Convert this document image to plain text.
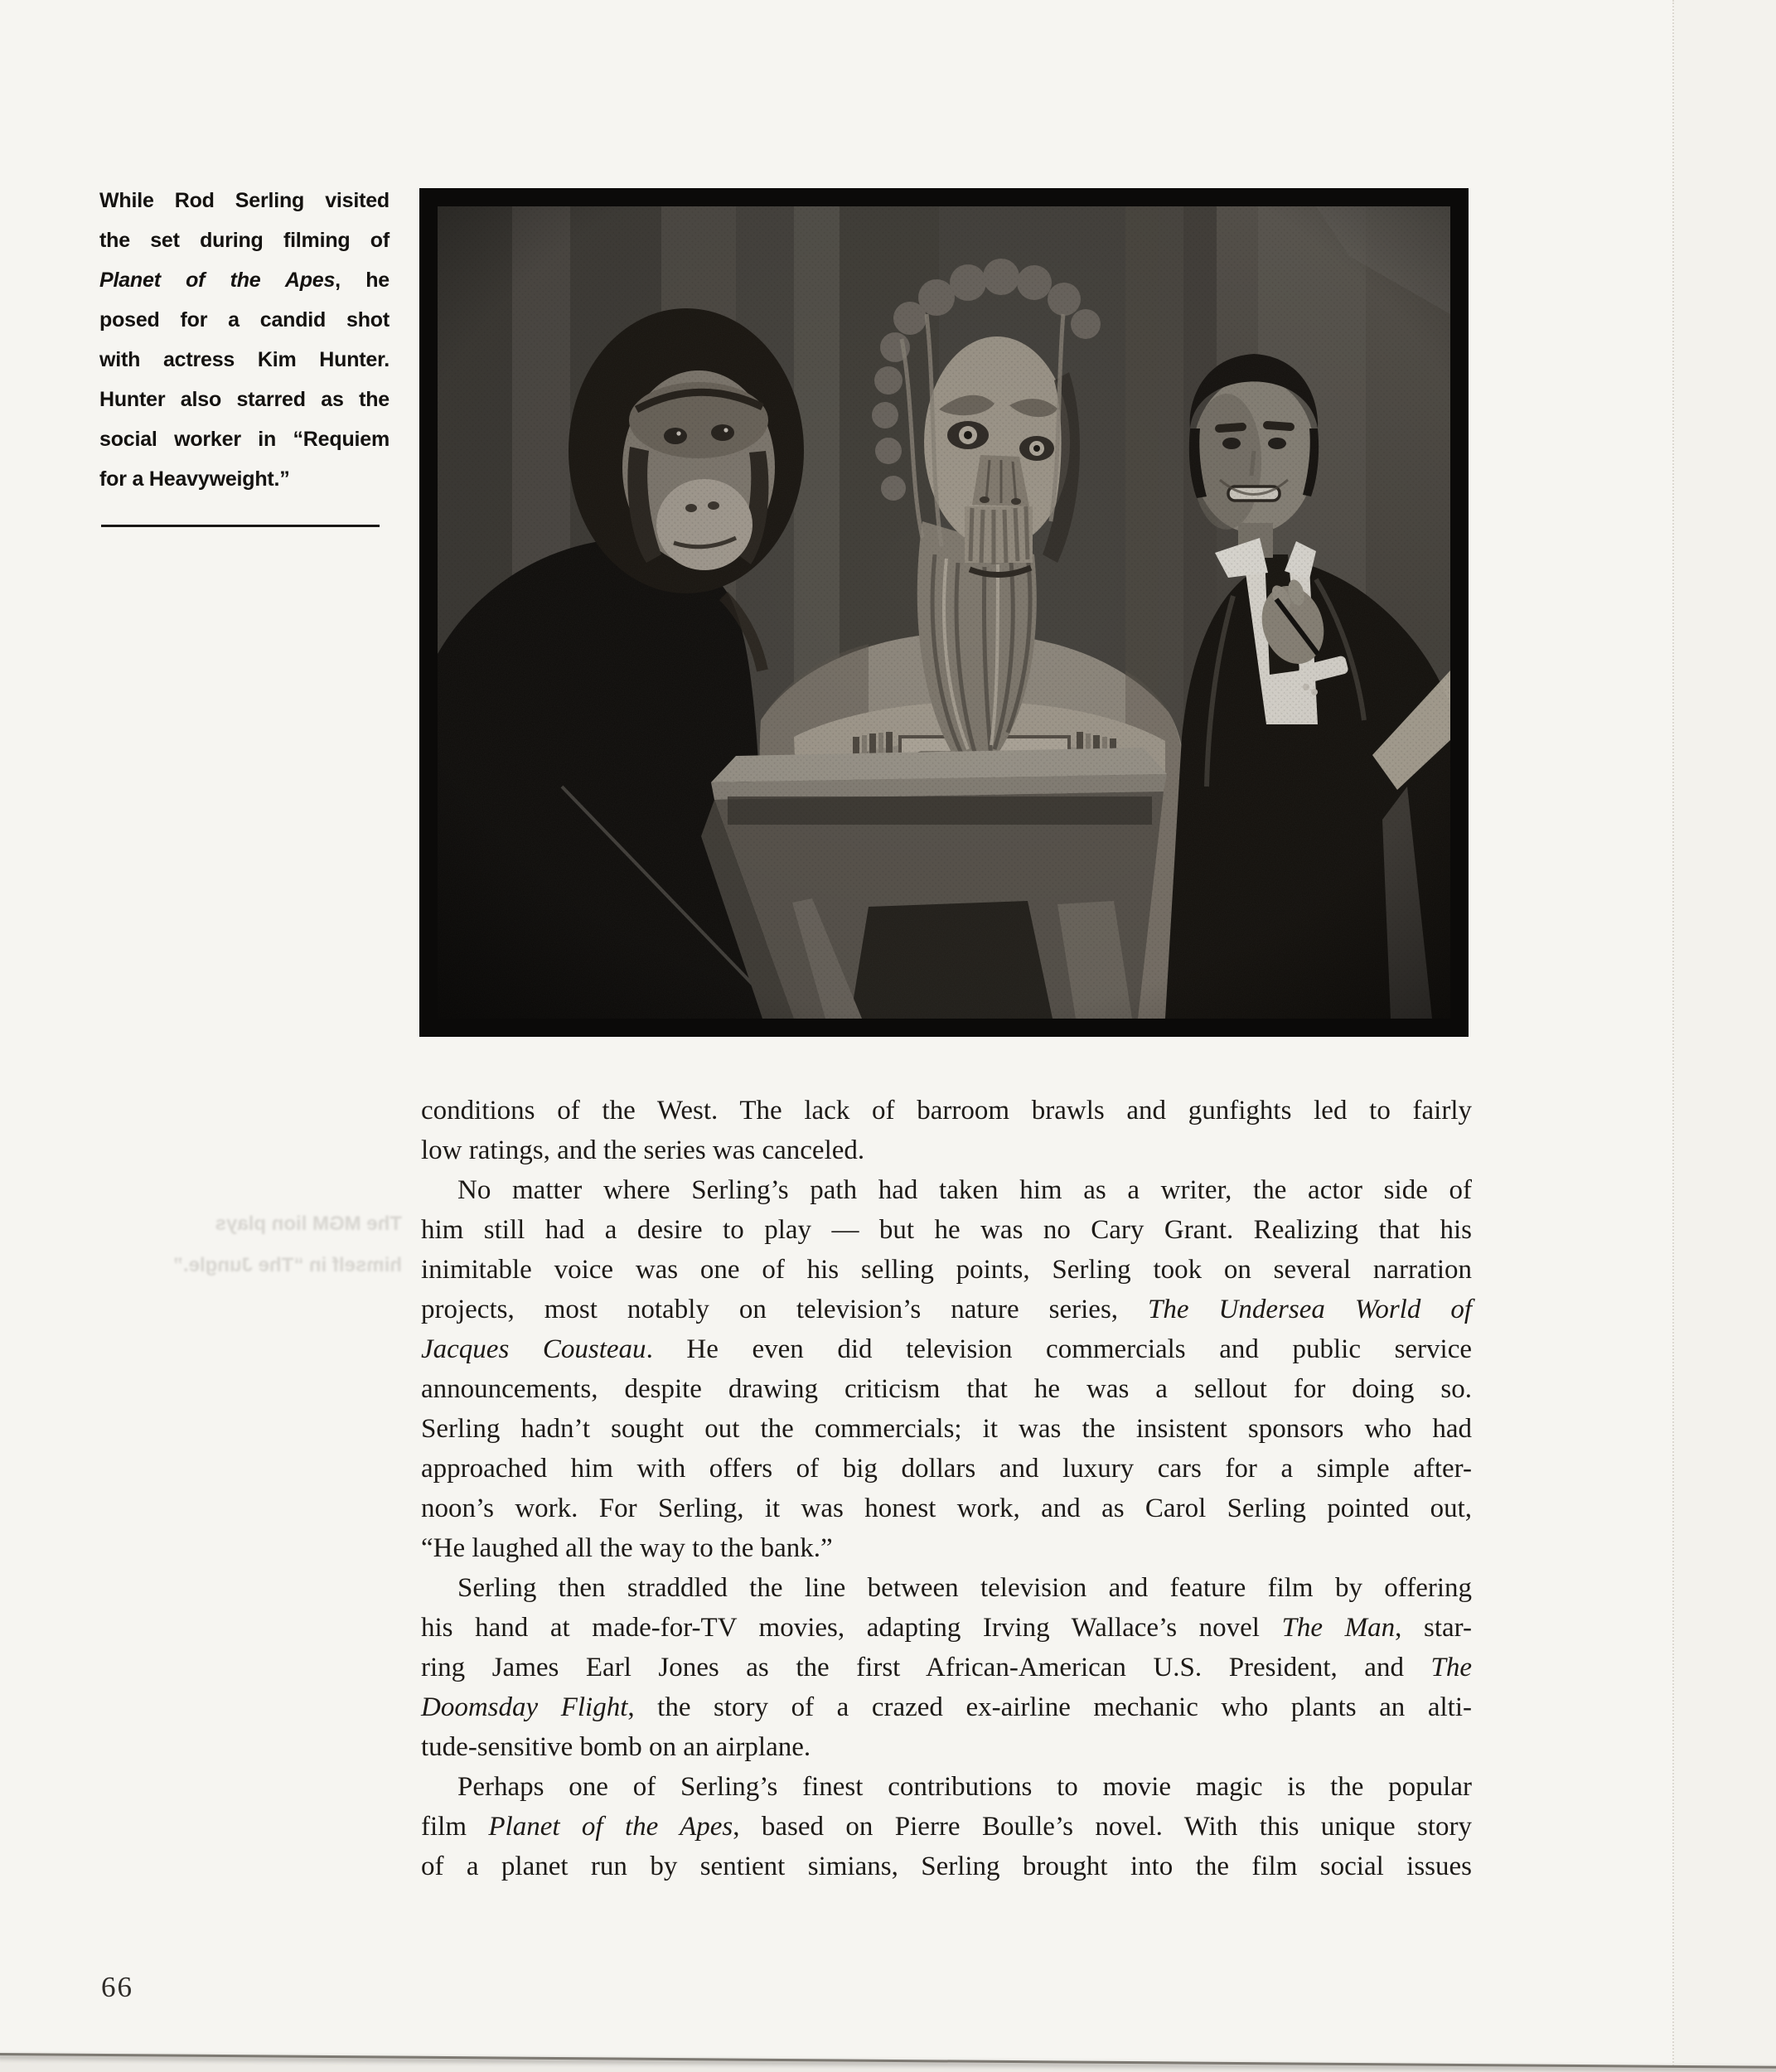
While Rod Serling visited
the set during filming of
Planet of the Apes, he
posed for a candid shot
with actress Kim Hunter.
Hunter also starred as the
social worker in “Requiem
for a Heavyweight.”
The MGM lion plays
himself in “The Jungle.”
conditions of the West. The lack of barroom brawls and gunfights led to fairly
low ratings, and the series was canceled.
No matter where Serling’s path had taken him as a writer, the actor side of
him still had a desire to play — but he was no Cary Grant. Realizing that his
inimitable voice was one of his selling points, Serling took on several narration
projects, most notably on television’s nature series, The Undersea World of
Jacques Cousteau. He even did television commercials and public service
announcements, despite drawing criticism that he was a sellout for doing so.
Serling hadn’t sought out the commercials; it was the insistent sponsors who had
approached him with offers of big dollars and luxury cars for a simple after-
noon’s work. For Serling, it was honest work, and as Carol Serling pointed out,
“He laughed all the way to the bank.”
Serling then straddled the line between television and feature film by offering
his hand at made-for-TV movies, adapting Irving Wallace’s novel The Man, star-
ring James Earl Jones as the first African-American U.S. President, and The
Doomsday Flight, the story of a crazed ex-airline mechanic who plants an alti-
tude-sensitive bomb on an airplane.
Perhaps one of Serling’s finest contributions to movie magic is the popular
film Planet of the Apes, based on Pierre Boulle’s novel. With this unique story
of a planet run by sentient simians, Serling brought into the film social issues
66
